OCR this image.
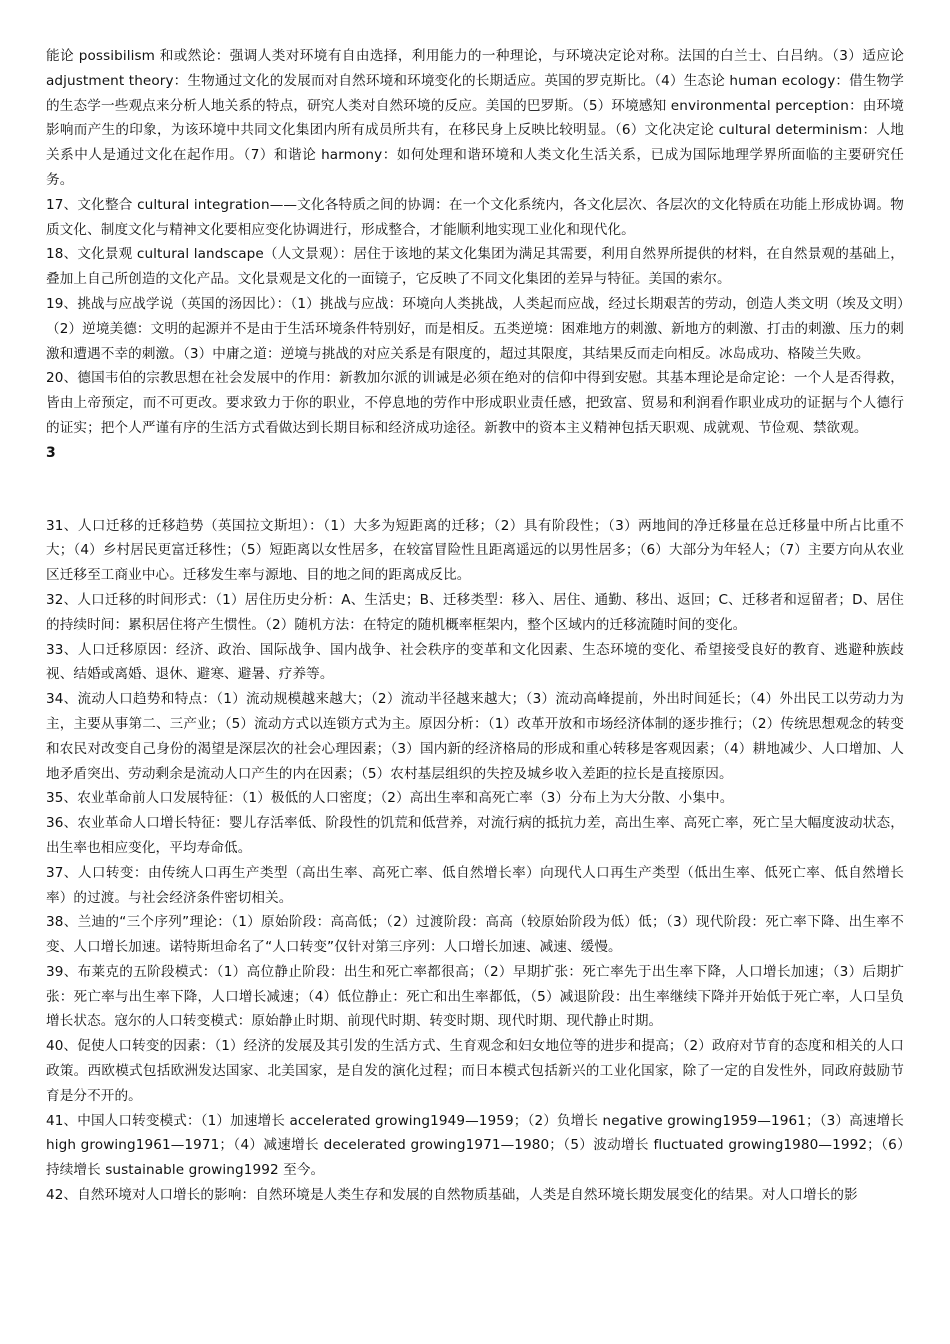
能论 possibilism 和或然论：强调人类对环境有自由选择，利用能力的一种理论，与环境决定论对称。法国的白兰士、白吕纳。（3）适应论 adjustment theory：生物通过文化的发展而对自然环境和环境变化的长期适应。英国的罗克斯比。（4）生态论 human ecology：借生物学的生态学一些观点来分析人地关系的特点，研究人类对自然环境的反应。美国的巴罗斯。（5）环境感知 environmental perception：由环境影响而产生的印象，为该环境中共同文化集团内所有成员所共有，在移民身上反映比较明显。（6）文化决定论 cultural determinism：人地关系中人是通过文化在起作用。（7）和谐论 harmony：如何处理和谐环境和人类文化生活关系，已成为国际地理学界所面临的主要研究任务。

17、文化整合 cultural integration——文化各特质之间的协调：在一个文化系统内，各文化层次、各层次的文化特质在功能上形成协调。物质文化、制度文化与精神文化要相应变化协调进行，形成整合，才能顺利地实现工业化和现代化。

18、文化景观 cultural landscape（人文景观）：居住于该地的某文化集团为满足其需要，利用自然界所提供的材料，在自然景观的基础上，叠加上自己所创造的文化产品。文化景观是文化的一面镜子，它反映了不同文化集团的差异与特征。美国的索尔。

19、挑战与应战学说（英国的汤因比）：（1）挑战与应战：环境向人类挑战，人类起而应战，经过长期艰苦的劳动，创造人类文明（埃及文明）（2）逆境美德：文明的起源并不是由于生活环境条件特别好，而是相反。五类逆境：困难地方的刺激、新地方的刺激、打击的刺激、压力的刺激和遭遇不幸的刺激。（3）中庸之道：逆境与挑战的对应关系是有限度的，超过其限度，其结果反而走向相反。冰岛成功、格陵兰失败。

20、德国韦伯的宗教思想在社会发展中的作用：新教加尔派的训诫是必须在绝对的信仰中得到安慰。其基本理论是命定论：一个人是否得救，皆由上帝预定，而不可更改。要求致力于你的职业，不停息地的劳作中形成职业责任感，把致富、贸易和利润看作职业成功的证据与个人德行的证实；把个人严谨有序的生活方式看做达到长期目标和经济成功途径。新教中的资本主义精神包括天职观、成就观、节俭观、禁欲观。

3

31、人口迁移的迁移趋势（英国拉文斯坦）：（1）大多为短距离的迁移；（2）具有阶段性；（3）两地间的净迁移量在总迁移量中所占比重不大；（4）乡村居民更富迁移性；（5）短距离以女性居多，在较富冒险性且距离遥远的以男性居多；（6）大部分为年轻人；（7）主要方向从农业区迁移至工商业中心。迁移发生率与源地、目的地之间的距离成反比。

32、人口迁移的时间形式：（1）居住历史分析：A、生活史；B、迁移类型：移入、居住、通勤、移出、返回；C、迁移者和逗留者；D、居住的持续时间：累积居住将产生惯性。（2）随机方法：在特定的随机概率框架内，整个区域内的迁移流随时间的变化。

33、人口迁移原因：经济、政治、国际战争、国内战争、社会秩序的变革和文化因素、生态环境的变化、希望接受良好的教育、逃避种族歧视、结婚或离婚、退休、避寒、避暑、疗养等。

34、流动人口趋势和特点：（1）流动规模越来越大；（2）流动半径越来越大；（3）流动高峰提前，外出时间延长；（4）外出民工以劳动力为主，主要从事第二、三产业；（5）流动方式以连锁方式为主。原因分析：（1）改革开放和市场经济体制的逐步推行；（2）传统思想观念的转变和农民对改变自己身份的渴望是深层次的社会心理因素；（3）国内新的经济格局的形成和重心转移是客观因素；（4）耕地减少、人口增加、人地矛盾突出、劳动剩余是流动人口产生的内在因素；（5）农村基层组织的失控及城乡收入差距的拉长是直接原因。

35、农业革命前人口发展特征：（1）极低的人口密度；（2）高出生率和高死亡率（3）分布上为大分散、小集中。

36、农业革命人口增长特征：婴儿存活率低、阶段性的饥荒和低营养，对流行病的抵抗力差，高出生率、高死亡率，死亡呈大幅度波动状态，出生率也相应变化，平均寿命低。

37、人口转变：由传统人口再生产类型（高出生率、高死亡率、低自然增长率）向现代人口再生产类型（低出生率、低死亡率、低自然增长率）的过渡。与社会经济条件密切相关。

38、兰迪的“三个序列”理论：（1）原始阶段：高高低；（2）过渡阶段：高高（较原始阶段为低）低；（3）现代阶段：死亡率下降、出生率不变、人口增长加速。诺特斯坦命名了“人口转变”仅针对第三序列：人口增长加速、减速、缓慢。

39、布莱克的五阶段模式：（1）高位静止阶段：出生和死亡率都很高；（2）早期扩张：死亡率先于出生率下降，人口增长加速；（3）后期扩张：死亡率与出生率下降，人口增长减速；（4）低位静止：死亡和出生率都低，（5）减退阶段：出生率继续下降并开始低于死亡率，人口呈负增长状态。寇尔的人口转变模式：原始静止时期、前现代时期、转变时期、现代时期、现代静止时期。

40、促使人口转变的因素：（1）经济的发展及其引发的生活方式、生育观念和妇女地位等的进步和提高；（2）政府对节育的态度和相关的人口政策。西欧模式包括欧洲发达国家、北美国家，是自发的演化过程；而日本模式包括新兴的工业化国家，除了一定的自发性外，同政府鼓励节育是分不开的。

41、中国人口转变模式：（1）加速增长 accelerated growing1949—1959；（2）负增长 negative growing1959—1961；（3）高速增长 high growing1961—1971；（4）减速增长 decelerated growing1971—1980；（5）波动增长 fluctuated growing1980—1992；（6）持续增长 sustainable growing1992 至今。

42、自然环境对人口增长的影响：自然环境是人类生存和发展的自然物质基础，人类是自然环境长期发展变化的结果。对人口增长的影
